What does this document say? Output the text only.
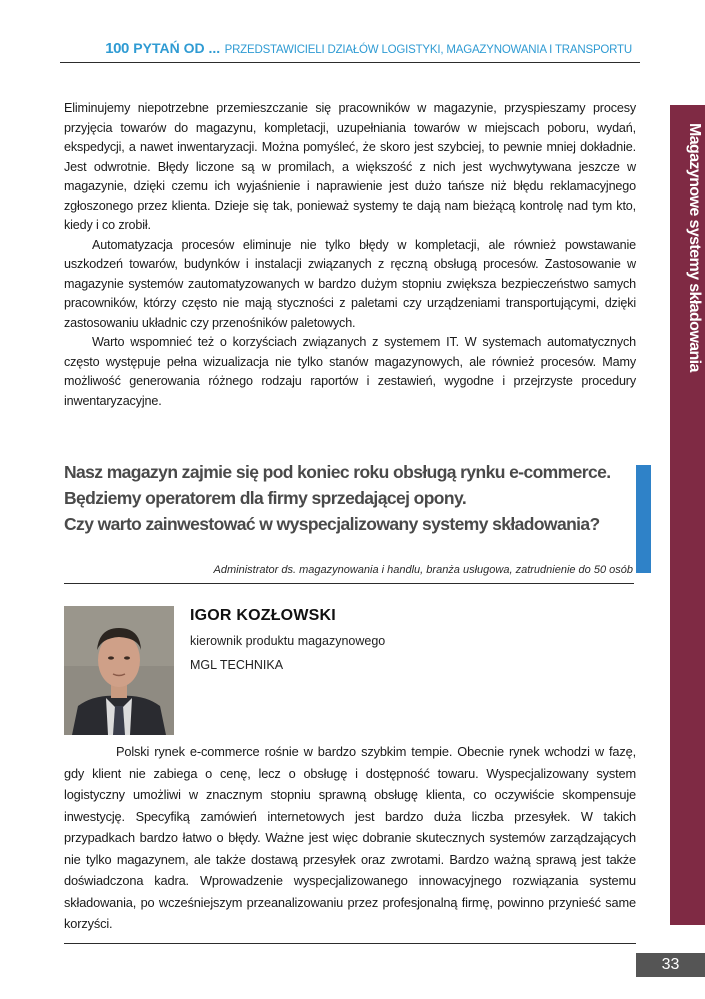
100 PYTAŃ OD ... PRZEDSTAWICIELI DZIAŁÓW LOGISTYKI, MAGAZYNOWANIA I TRANSPORTU
Magazynowe systemy składowania

Eliminujemy niepotrzebne przemieszczanie się pracowników w magazynie, przyspieszamy procesy przyjęcia towarów do magazynu, kompletacji, uzupełniania towarów w miejscach poboru, wydań, ekspedycji, a nawet inwentaryzacji. Można pomyśleć, że skoro jest szybciej, to pewnie mniej dokładnie. Jest odwrotnie. Błędy liczone są w promilach, a większość z nich jest wychwytywana jeszcze w magazynie, dzięki czemu ich wyjaśnienie i naprawienie jest dużo tańsze niż błędu reklamacyjnego zgłoszonego przez klienta. Dzieje się tak, ponieważ systemy te dają nam bieżącą kontrolę nad tym kto, kiedy i co zrobił.

Automatyzacja procesów eliminuje nie tylko błędy w kompletacji, ale również powstawanie uszkodzeń towarów, budynków i instalacji związanych z ręczną obsługą procesów. Zastosowanie w magazynie systemów zautomatyzowanych w bardzo dużym stopniu zwiększa bezpieczeństwo samych pracowników, którzy często nie mają styczności z paletami czy urządzeniami transportującymi, dzięki zastosowaniu układnic czy przenośników paletowych.

Warto wspomnieć też o korzyściach związanych z systemem IT. W systemach automatycznych często występuje pełna wizualizacja nie tylko stanów magazynowych, ale również procesów. Mamy możliwość generowania różnego rodzaju raportów i zestawień, wygodne i przejrzyste procedury inwentaryzacyjne.

Nasz magazyn zajmie się pod koniec roku obsługą rynku e-commerce.
Będziemy operatorem dla firmy sprzedającej opony.
Czy warto zainwestować w wyspecjalizowany systemy składowania?
Administrator ds. magazynowania i handlu, branża usługowa, zatrudnienie do 50 osób
IGOR KOZŁOWSKI
kierownik produktu magazynowego
MGL TECHNIKA

Polski rynek e-commerce rośnie w bardzo szybkim tempie. Obecnie rynek wchodzi w fazę, gdy klient nie zabiega o cenę, lecz o obsługę i dostępność towaru. Wyspecjalizowany system logistyczny umożliwi w znacznym stopniu sprawną obsługę klienta, co oczywiście skompensuje inwestycję. Specyfiką zamówień internetowych jest bardzo duża liczba przesyłek. W takich przypadkach bardzo łatwo o błędy. Ważne jest więc dobranie skutecznych systemów zarządzających nie tylko magazynem, ale także dostawą przesyłek oraz zwrotami. Bardzo ważną sprawą jest także doświadczona kadra. Wprowadzenie wyspecjalizowanego innowacyjnego rozwiązania systemu składowania, po wcześniejszym przeanalizowaniu przez profesjonalną firmę, powinno przynieść same korzyści.

33
